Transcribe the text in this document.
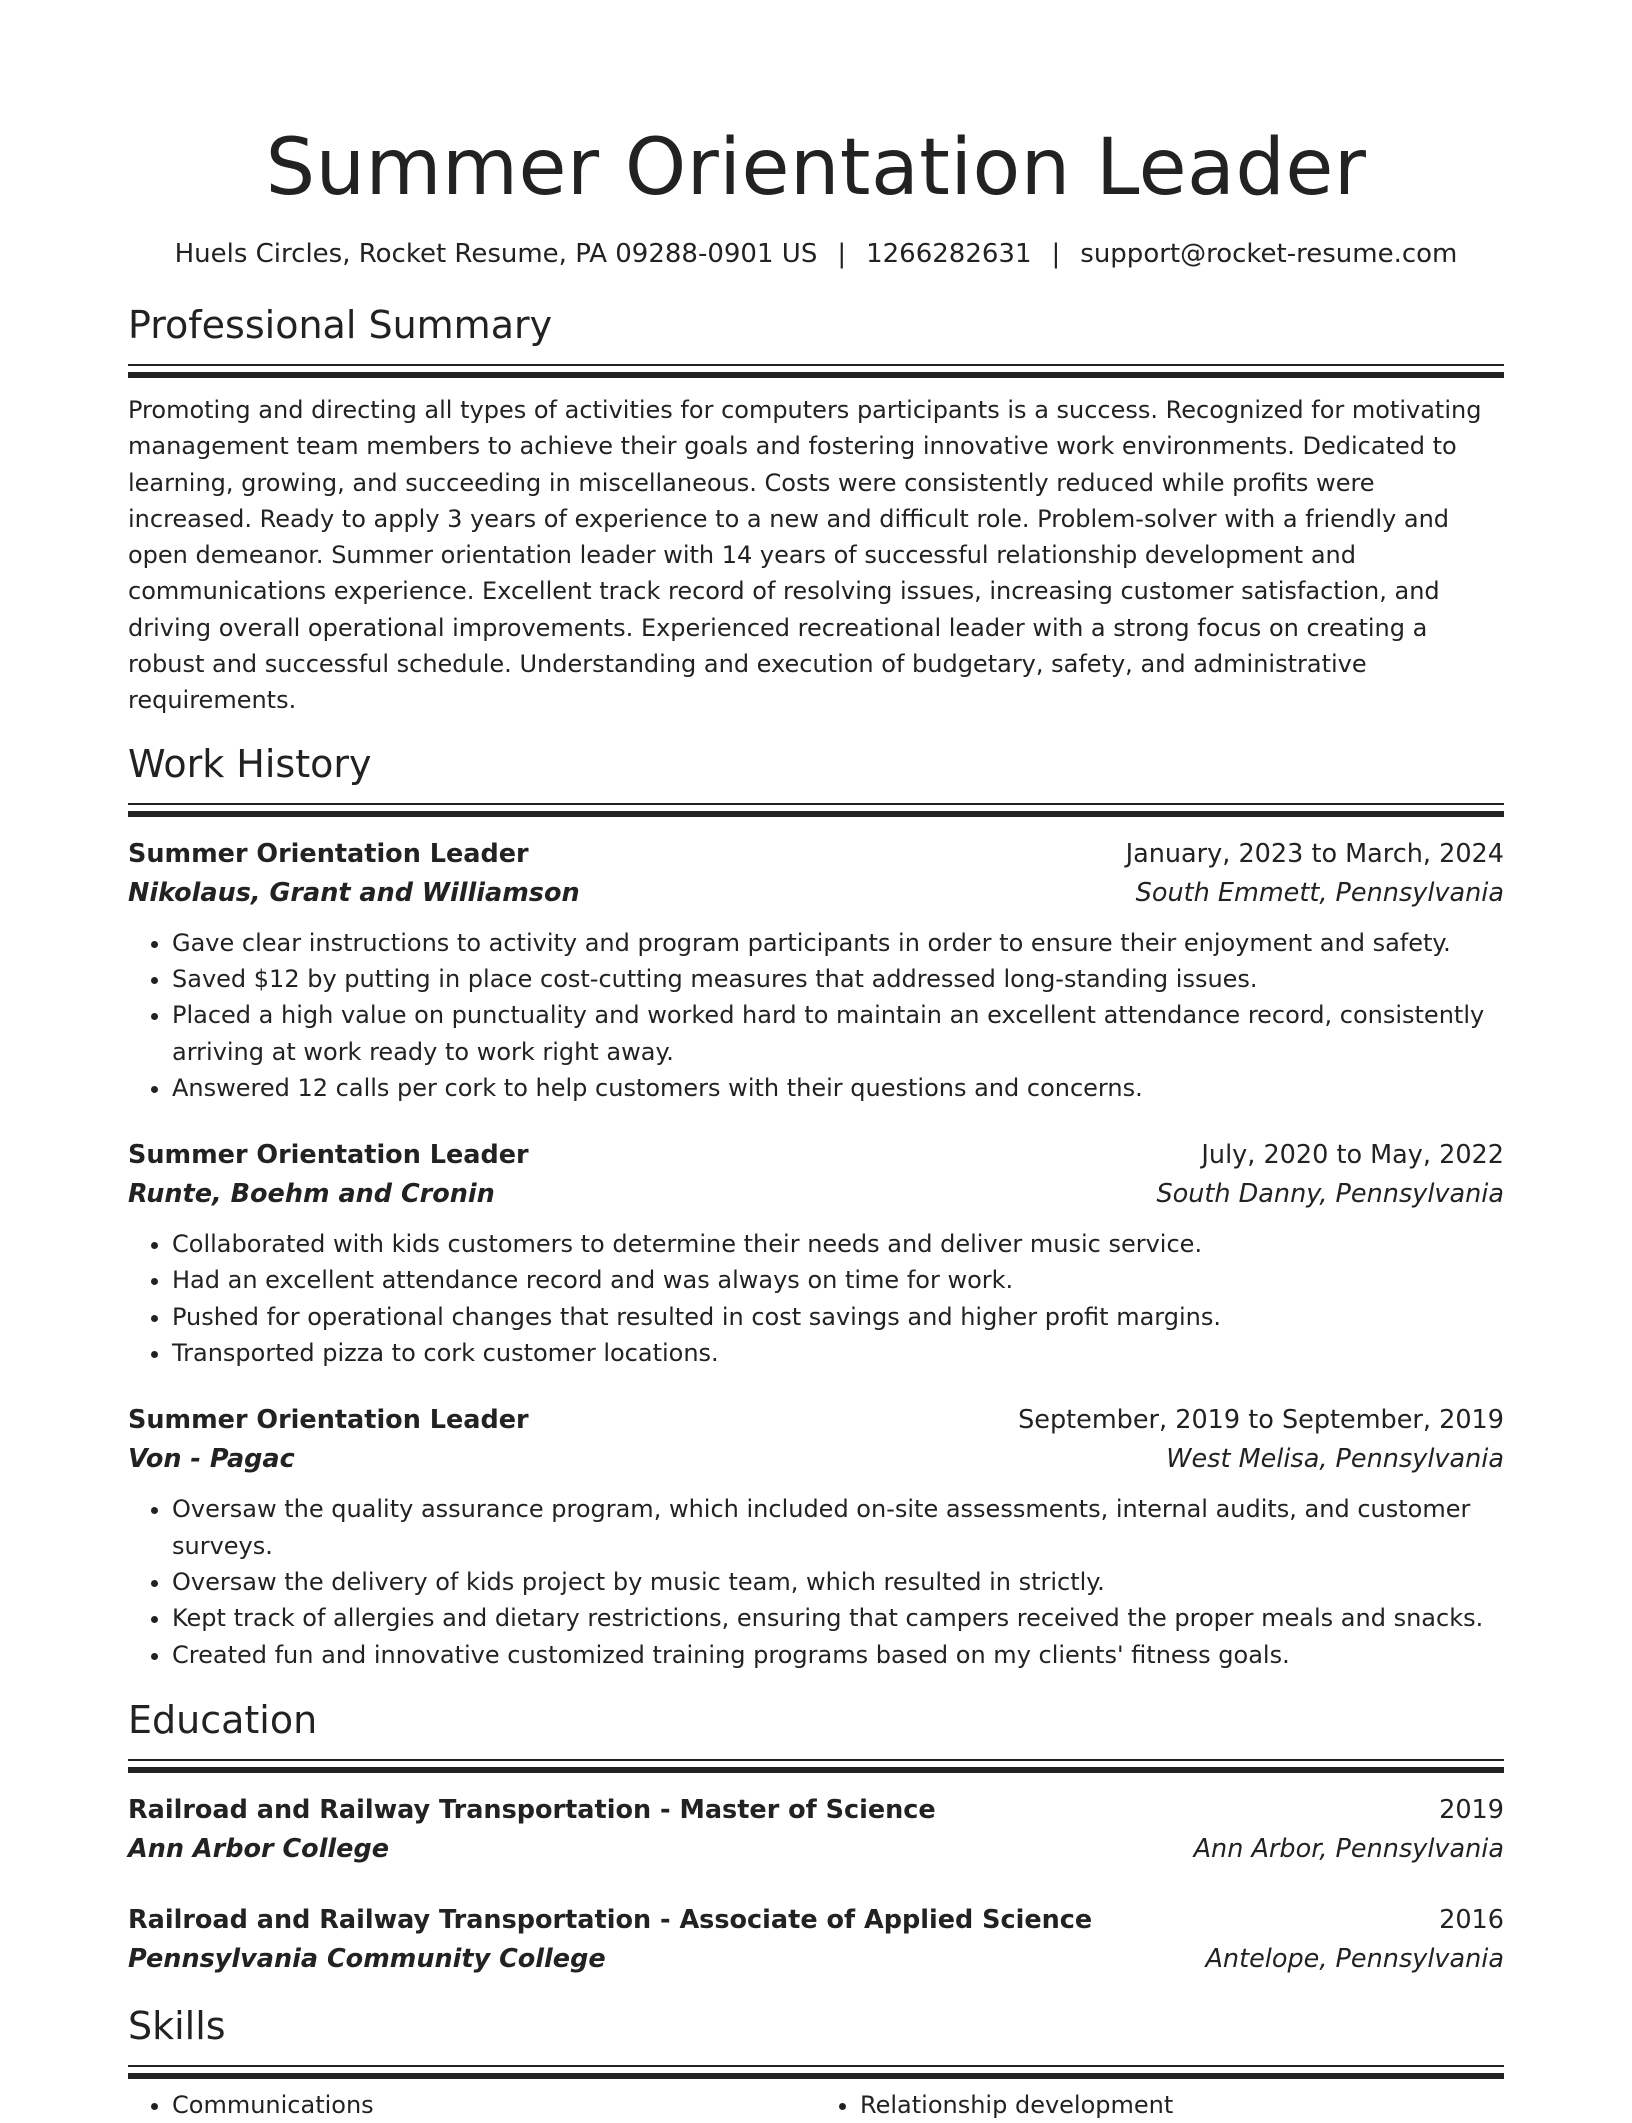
Summer Orientation Leader
Huels Circles, Rocket Resume, PA 09288-0901 US | 1266282631 | support@rocket-resume.com
Professional Summary
Promoting and directing all types of activities for computers participants is a success. Recognized for motivating management team members to achieve their goals and fostering innovative work environments. Dedicated to learning, growing, and succeeding in miscellaneous. Costs were consistently reduced while profits were increased. Ready to apply 3 years of experience to a new and difficult role. Problem-solver with a friendly and open demeanor. Summer orientation leader with 14 years of successful relationship development and communications experience. Excellent track record of resolving issues, increasing customer satisfaction, and driving overall operational improvements. Experienced recreational leader with a strong focus on creating a robust and successful schedule. Understanding and execution of budgetary, safety, and administrative requirements.
Work History
Summer Orientation Leader	January, 2023 to March, 2024
Nikolaus, Grant and Williamson	South Emmett, Pennsylvania
• Gave clear instructions to activity and program participants in order to ensure their enjoyment and safety.
• Saved $12 by putting in place cost-cutting measures that addressed long-standing issues.
• Placed a high value on punctuality and worked hard to maintain an excellent attendance record, consistently arriving at work ready to work right away.
• Answered 12 calls per cork to help customers with their questions and concerns.
Summer Orientation Leader	July, 2020 to May, 2022
Runte, Boehm and Cronin	South Danny, Pennsylvania
• Collaborated with kids customers to determine their needs and deliver music service.
• Had an excellent attendance record and was always on time for work.
• Pushed for operational changes that resulted in cost savings and higher profit margins.
• Transported pizza to cork customer locations.
Summer Orientation Leader	September, 2019 to September, 2019
Von - Pagac	West Melisa, Pennsylvania
• Oversaw the quality assurance program, which included on-site assessments, internal audits, and customer surveys.
• Oversaw the delivery of kids project by music team, which resulted in strictly.
• Kept track of allergies and dietary restrictions, ensuring that campers received the proper meals and snacks.
• Created fun and innovative customized training programs based on my clients' fitness goals.
Education
Railroad and Railway Transportation - Master of Science	2019
Ann Arbor College	Ann Arbor, Pennsylvania
Railroad and Railway Transportation - Associate of Applied Science	2016
Pennsylvania Community College	Antelope, Pennsylvania
Skills
• Communications
•	Relationship development
